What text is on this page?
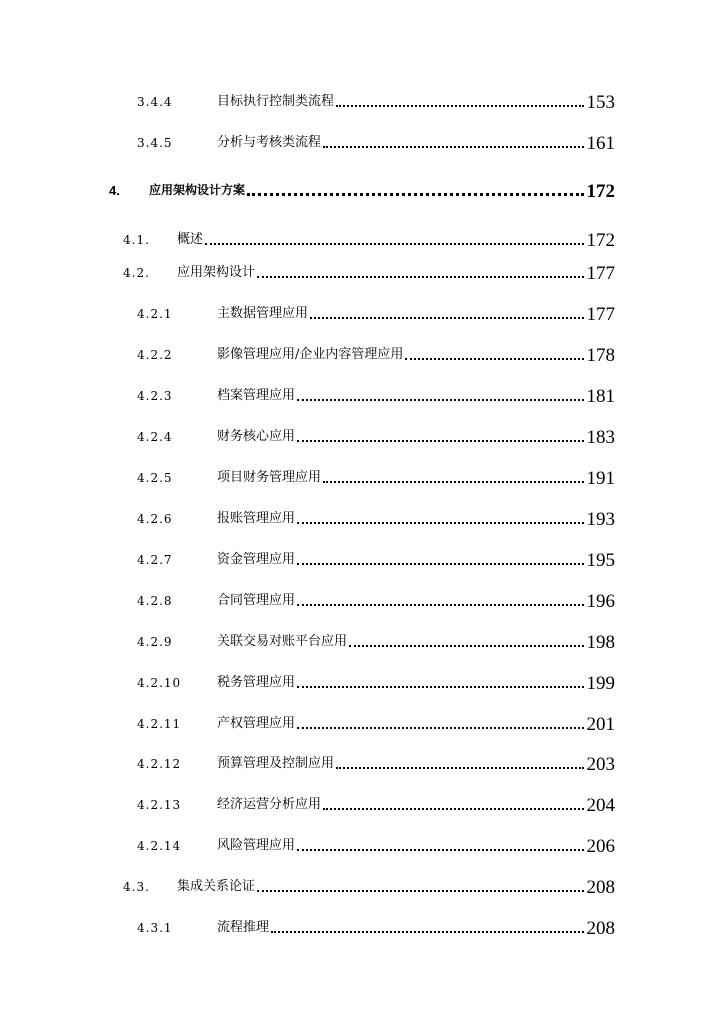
3.4.4	目标执行控制类流程	153
3.4.5	分析与考核类流程	161
4.	应用架构设计方案	172
4.1.	概述	172
4.2.	应用架构设计	177
4.2.1	主数据管理应用	177
4.2.2	影像管理应用/企业内容管理应用	178
4.2.3	档案管理应用	181
4.2.4	财务核心应用	183
4.2.5	项目财务管理应用	191
4.2.6	报账管理应用	193
4.2.7	资金管理应用	195
4.2.8	合同管理应用	196
4.2.9	关联交易对账平台应用	198
4.2.10	税务管理应用	199
4.2.11	产权管理应用	201
4.2.12	预算管理及控制应用	203
4.2.13	经济运营分析应用	204
4.2.14	风险管理应用	206
4.3.	集成关系论证	208
4.3.1	流程推理	208
